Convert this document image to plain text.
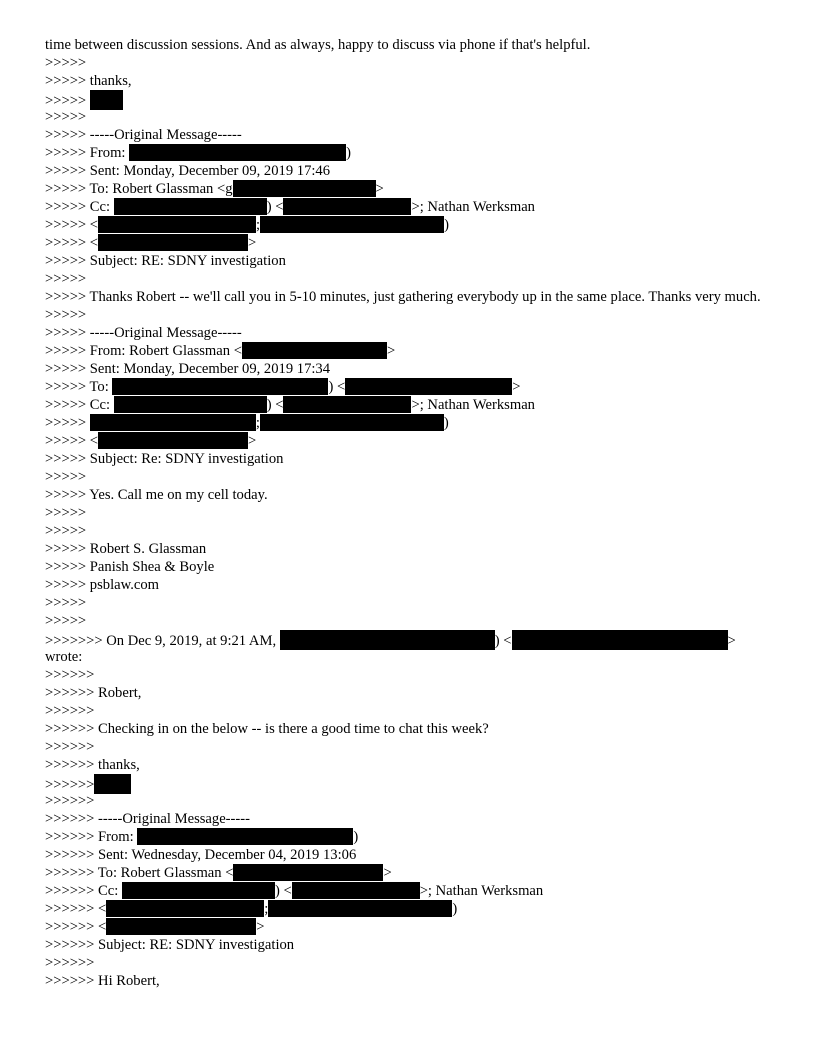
time between discussion sessions. And as always, happy to discuss via phone if that's helpful.
>>>>>
>>>>> thanks,
>>>>>
>>>>>
>>>>> -----Original Message-----
>>>>> From:	)
>>>>> Sent: Monday, December 09, 2019 17:46
>>>>> To: Robert Glassman <g	>
>>>>> Cc:	) <	>; Nathan Werksman
>>>>> <	;	)
>>>>> <	>
>>>>> Subject: RE: SDNY investigation
>>>>>
>>>>> Thanks Robert -- we'll call you in 5-10 minutes, just gathering everybody up in the same place. Thanks very much.
>>>>>
>>>>> -----Original Message-----
>>>>> From: Robert Glassman <	>
>>>>> Sent: Monday, December 09, 2019 17:34
>>>>> To:	) <	>
>>>>> Cc:	) <	>; Nathan Werksman
>>>>>	;	)
>>>>> <	>
>>>>> Subject: Re: SDNY investigation
>>>>>
>>>>> Yes. Call me on my cell today.
>>>>>
>>>>>
>>>>> Robert S. Glassman
>>>>> Panish Shea & Boyle
>>>>> psblaw.com
>>>>>
>>>>>
>>>>>>> On Dec 9, 2019, at 9:21 AM,	) <	>
wrote:
>>>>>>
>>>>>> Robert,
>>>>>>
>>>>>> Checking in on the below -- is there a good time to chat this week?
>>>>>>
>>>>>> thanks,
>>>>>>
>>>>>>
>>>>>> -----Original Message-----
>>>>>> From:	)
>>>>>> Sent: Wednesday, December 04, 2019 13:06
>>>>>> To: Robert Glassman <	>
>>>>>> Cc:	) <	>; Nathan Werksman
>>>>>> <	;	)
>>>>>> <	>
>>>>>> Subject: RE: SDNY investigation
>>>>>>
>>>>>> Hi Robert,
